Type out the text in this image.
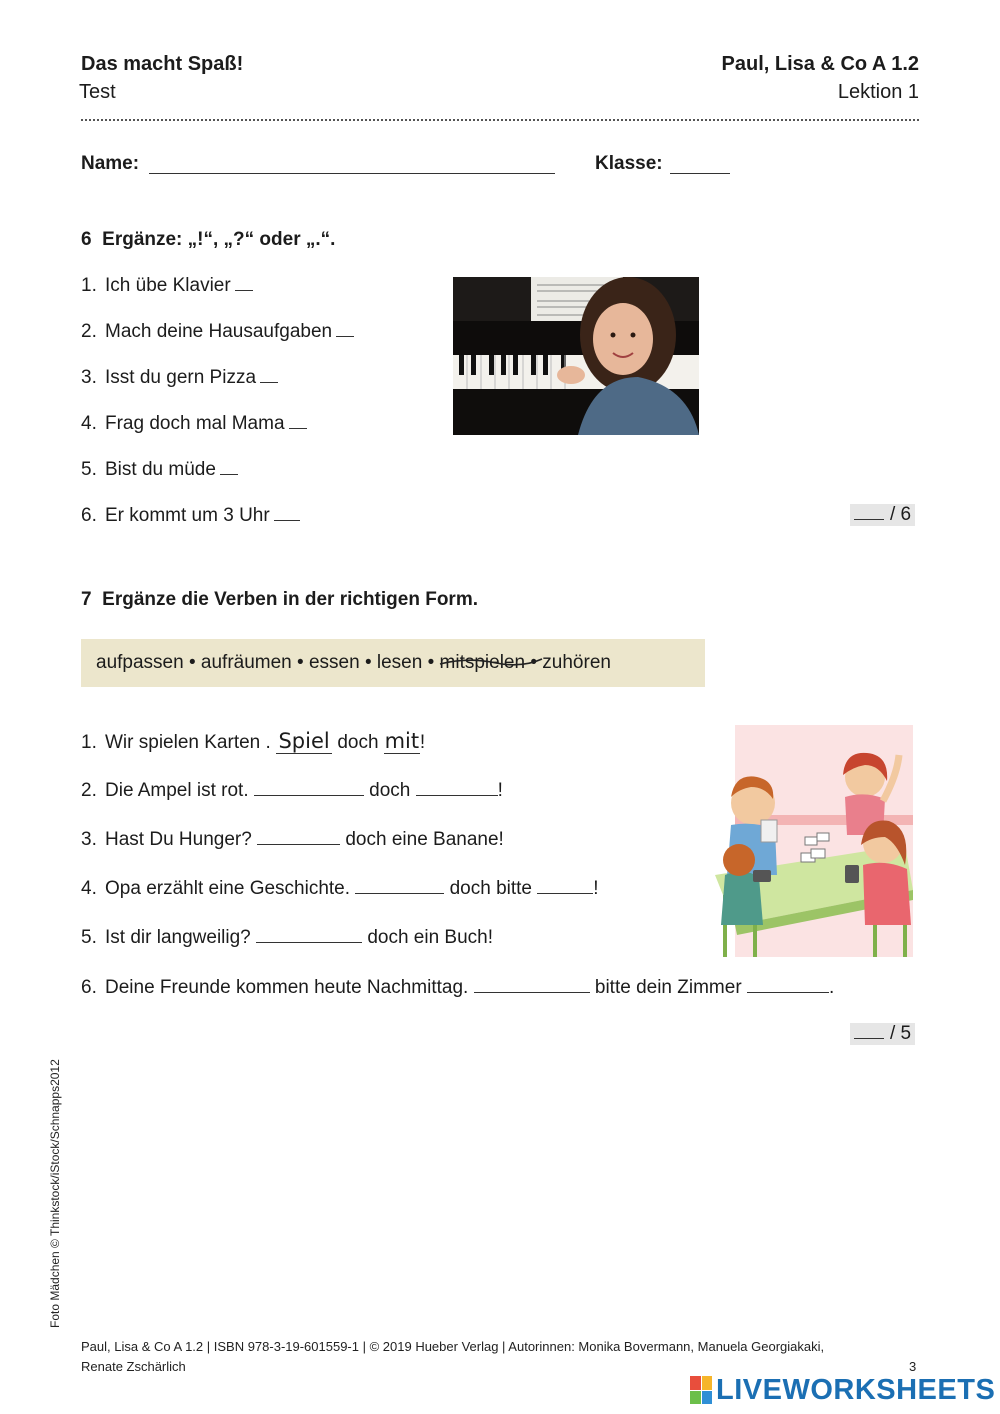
Das macht Spaß!
Test
Paul, Lisa & Co A 1.2
Lektion 1
Name:	Klasse:
6 Ergänze: „!“, „?“ oder „.“.
1. Ich übe Klavier
2. Mach deine Hausaufgaben
3. Isst du gern Pizza
4. Frag doch mal Mama
5. Bist du müde
6. Er kommt um 3 Uhr	/ 6
7 Ergänze die Verben in der richtigen Form.
aufpassen • aufräumen • essen • lesen • mitspielen • zuhören
1. Wir spielen Karten . Spiel doch mit!
2. Die Ampel ist rot.	doch	!
3. Hast Du Hunger?	doch eine Banane!
4. Opa erzählt eine Geschichte.	doch bitte	!
5. Ist dir langweilig?	doch ein Buch!
6. Deine Freunde kommen heute Nachmittag.	bitte dein Zimmer	.
/ 5
Foto Mädchen © Thinkstock/iStock/Schnapps2012
Paul, Lisa & Co A 1.2 | ISBN 978-3-19-601559-1 | © 2019 Hueber Verlag | Autorinnen: Monika Bovermann, Manuela Georgiakaki,
Renate Zschärlich	3
LIVEWORKSHEETS
